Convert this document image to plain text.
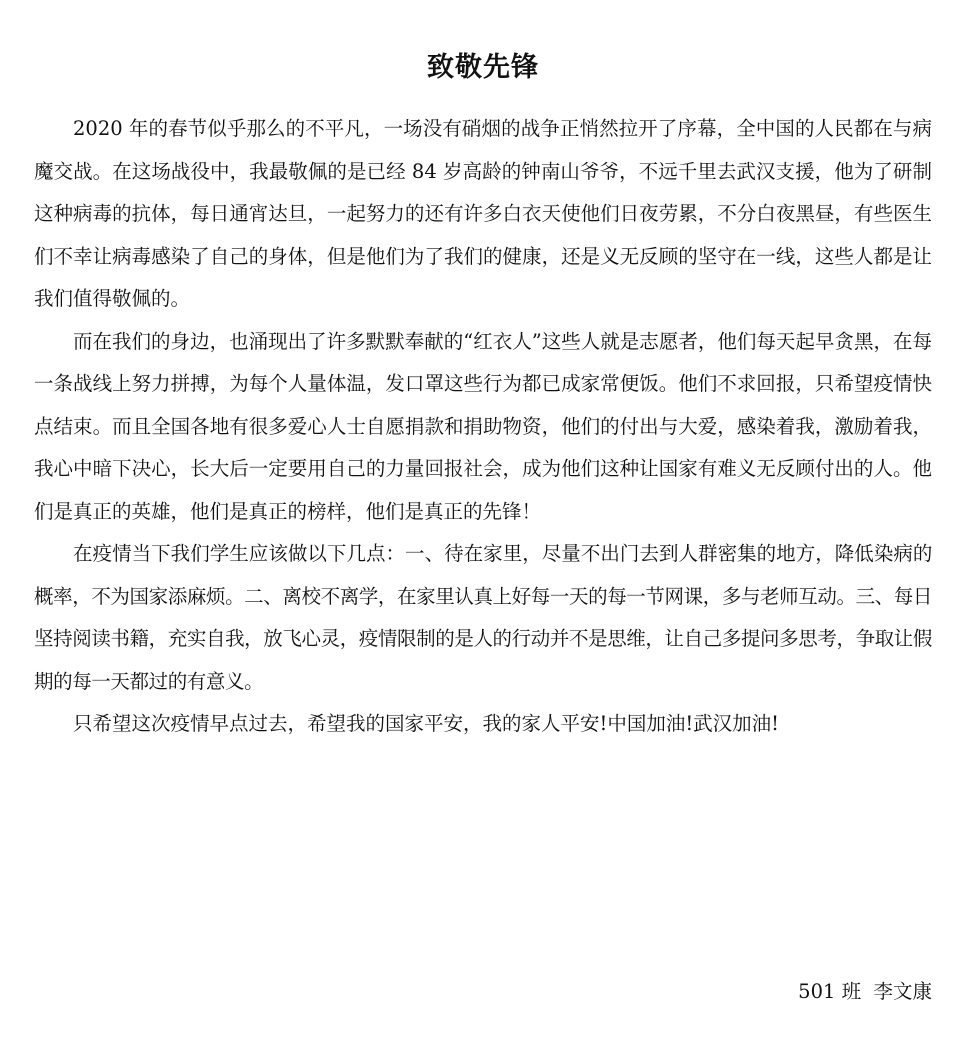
致敬先锋

2020 年的春节似乎那么的不平凡，一场没有硝烟的战争正悄然拉开了序幕，全中国的人民都在与病魔交战。在这场战役中，我最敬佩的是已经 84 岁高龄的钟南山爷爷，不远千里去武汉支援，他为了研制这种病毒的抗体，每日通宵达旦，一起努力的还有许多白衣天使他们日夜劳累，不分白夜黑昼，有些医生们不幸让病毒感染了自己的身体，但是他们为了我们的健康，还是义无反顾的坚守在一线，这些人都是让我们值得敬佩的。

而在我们的身边，也涌现出了许多默默奉献的“红衣人”这些人就是志愿者，他们每天起早贪黑，在每一条战线上努力拼搏，为每个人量体温，发口罩这些行为都已成家常便饭。他们不求回报，只希望疫情快点结束。而且全国各地有很多爱心人士自愿捐款和捐助物资，他们的付出与大爱，感染着我，激励着我，我心中暗下决心，长大后一定要用自己的力量回报社会，成为他们这种让国家有难义无反顾付出的人。他们是真正的英雄，他们是真正的榜样，他们是真正的先锋！

在疫情当下我们学生应该做以下几点：一、待在家里，尽量不出门去到人群密集的地方，降低染病的概率，不为国家添麻烦。二、离校不离学，在家里认真上好每一天的每一节网课，多与老师互动。三、每日坚持阅读书籍，充实自我，放飞心灵，疫情限制的是人的行动并不是思维，让自己多提问多思考，争取让假期的每一天都过的有意义。

只希望这次疫情早点过去，希望我的国家平安，我的家人平安!中国加油!武汉加油!

501 班  李文康
